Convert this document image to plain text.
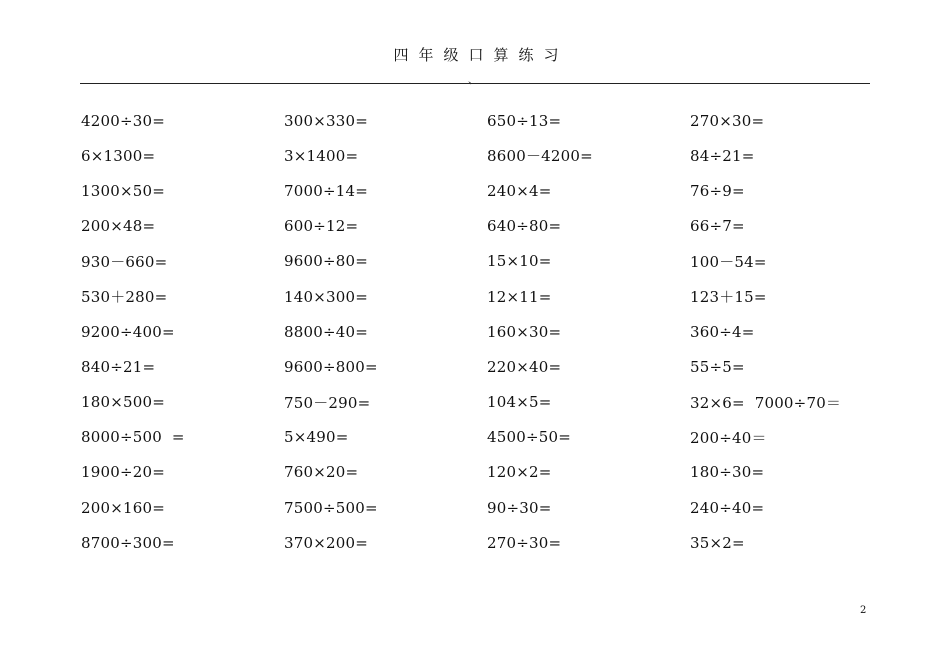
四年级口算练习
、
4200÷30=	300×330=	650÷13=	270×30=
6×1300=	3×1400=	8600－4200=	84÷21=
1300×50=	7000÷14=	240×4=	76÷9=
200×48=	600÷12=	640÷80=	66÷7=
930－660=	9600÷80=	15×10=	100－54=
530＋280=	140×300=	12×11=	123＋15=
9200÷400=	8800÷40=	160×30=	360÷4=
840÷21=	9600÷800=	220×40=	55÷5=
180×500=	750－290=	104×5=	32×6=  7000÷70＝
8000÷500  =	5×490=	4500÷50=	200÷40＝
1900÷20=	760×20=	120×2=	180÷30=
200×160=	7500÷500=	90÷30=	240÷40=
8700÷300=	370×200=	270÷30=	35×2=
2
